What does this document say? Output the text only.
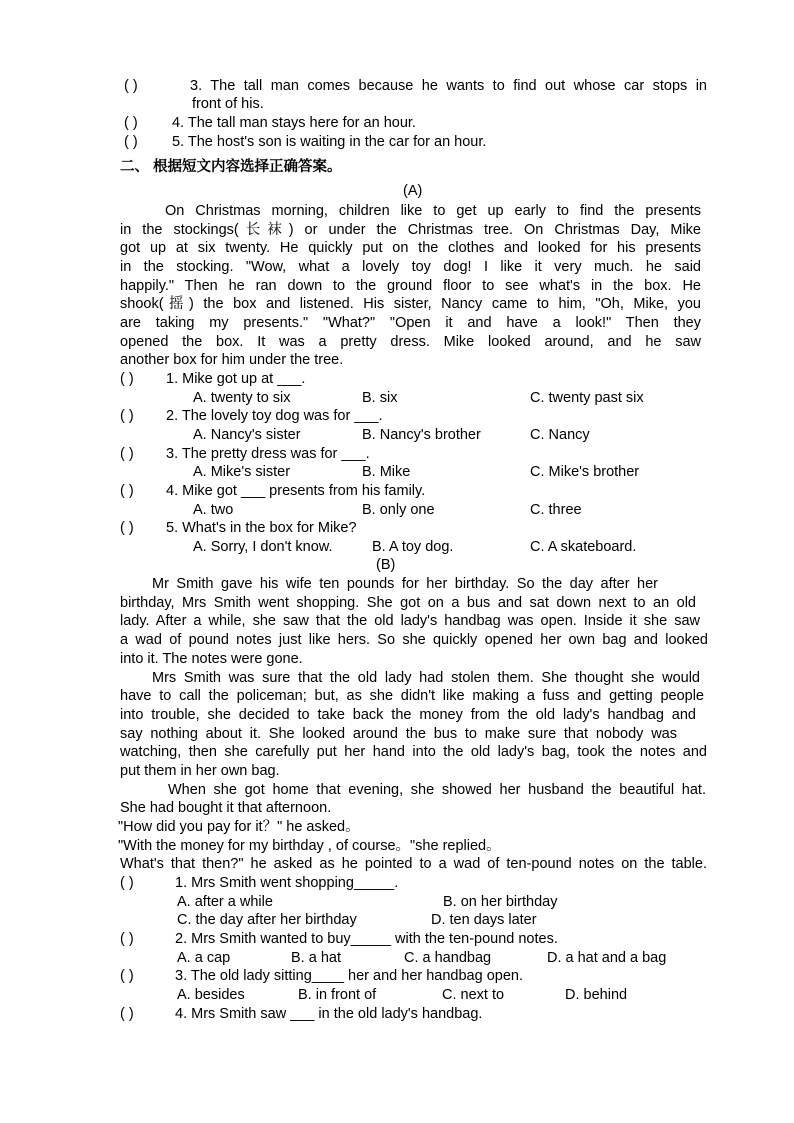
( )	3. The tall man comes because he wants to find out whose car stops in
front of his.
( ) 4. The tall man stays here for an hour.
( ) 5. The host's son is waiting in the car for an hour.
二、 根据短文内容选择正确答案。
(A)
On Christmas morning, children like to get up early to find the presents
in the stockings(长袜) or under the Christmas tree. On Christmas Day, Mike
got up at six twenty. He quickly put on the clothes and looked for his presents
in the stocking. "Wow, what a lovely toy dog! I like it very much. he said
happily." Then he ran down to the ground floor to see what's in the box. He
shook(摇) the box and listened. His sister, Nancy came to him, "Oh, Mike, you
are taking my presents." "What?" "Open it and have a look!" Then they
opened the box. It was a pretty dress. Mike looked around, and he saw
another box for him under the tree.
( ) 1. Mike got up at ___.
A. twenty to six	B. six	C. twenty past six
( ) 2. The lovely toy dog was for ___.
A. Nancy's sister	B. Nancy's brother	C. Nancy
( ) 3. The pretty dress was for ___.
A. Mike's sister	B. Mike	C. Mike's brother
( ) 4. Mike got ___ presents from his family.
A. two	B. only one	C. three
( ) 5. What's in the box for Mike?
A. Sorry, I don't know.	B. A toy dog.	C. A skateboard.
(B)
Mr Smith gave his wife ten pounds for her birthday. So the day after her
birthday, Mrs Smith went shopping. She got on a bus and sat down next to an old
lady. After a while, she saw that the old lady's handbag was open. Inside it she saw
a wad of pound notes just like hers. So she quickly opened her own bag and looked
into it. The notes were gone.
Mrs Smith was sure that the old lady had stolen them. She thought she would
have to call the policeman; but, as she didn't like making a fuss and getting people
into trouble, she decided to take back the money from the old lady's handbag and
say nothing about it. She looked around the bus to make sure that nobody was
watching, then she carefully put her hand into the old lady's bag, took the notes and
put them in her own bag.
When she got home that evening, she showed her husband the beautiful hat.
She had bought it that afternoon.
"How did you pay for it？" he asked。
"With the money for my birthday , of course。"she replied。
What's that then?" he asked as he pointed to a wad of ten-pound notes on the table.
( )	1. Mrs Smith went shopping_____.
A. after a while	B. on her birthday
C. the day after her birthday	D. ten days later
( )	2. Mrs Smith wanted to buy_____ with the ten-pound notes.
A. a cap	B. a hat	C. a handbag	D. a hat and a bag
( )	3. The old lady sitting____ her and her handbag open.
A. besides	B. in front of	C. next to	D. behind
( )	4. Mrs Smith saw ___ in the old lady's handbag.
